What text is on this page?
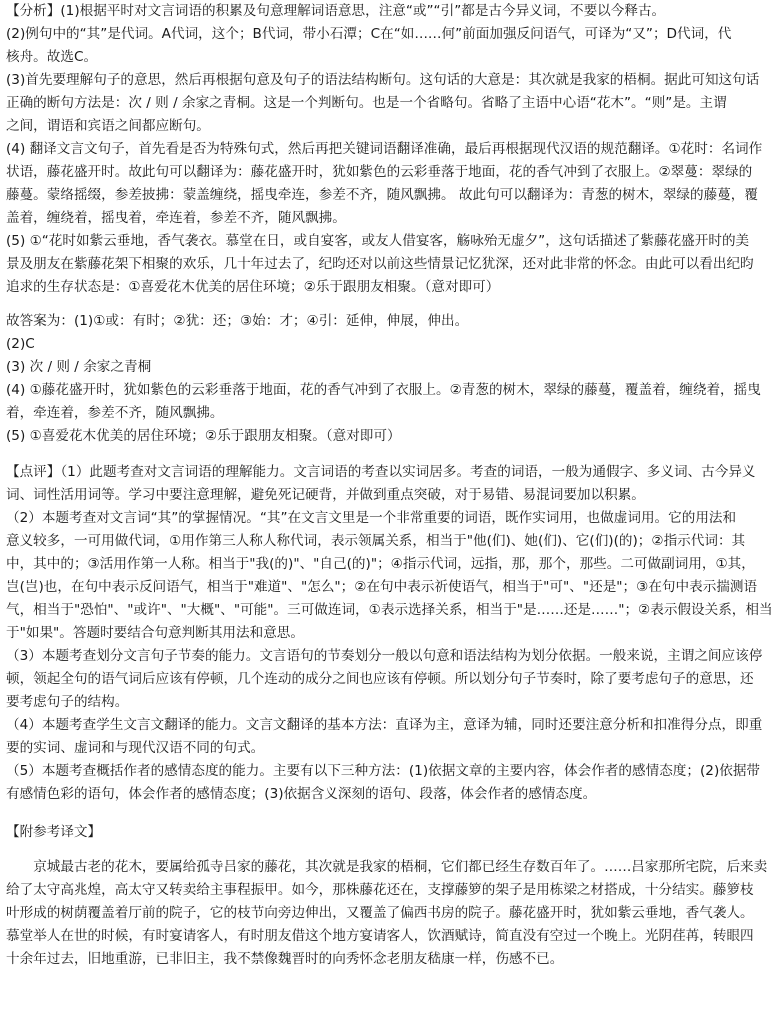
【分析】(1)根据平时对文言词语的积累及句意理解词语意思，注意“或”“引”都是古今异义词，不要以今释古。

(2)例句中的“其”是代词。A代词，这个；B代词，带小石潭；C在“如……何”前面加强反问语气，可译为“又”；D代词，代

核舟。故选C。

(3)首先要理解句子的意思，然后再根据句意及句子的语法结构断句。这句话的大意是：其次就是我家的梧桐。据此可知这句话

正确的断句方法是：次 / 则 / 余家之青桐。这是一个判断句。也是一个省略句。省略了主语中心语“花木”。“则”是。主谓

之间，谓语和宾语之间都应断句。

(4) 翻译文言文句子，首先看是否为特殊句式，然后再把关键词语翻译准确，最后再根据现代汉语的规范翻译。①花时：名词作

状语，藤花盛开时。故此句可以翻译为：藤花盛开时，犹如紫色的云彩垂落于地面，花的香气冲到了衣服上。②翠蔓：翠绿的

藤蔓。蒙络摇缀，参差披拂：蒙盖缠绕，摇曳牵连，参差不齐，随风飘拂。 故此句可以翻译为：青葱的树木，翠绿的藤蔓，覆

盖着，缠绕着，摇曳着，牵连着，参差不齐，随风飘拂。

(5) ①“花时如紫云垂地，香气袭衣。慕堂在日，或自宴客，或友人借宴客，觞咏殆无虚夕”，这句话描述了紫藤花盛开时的美

景及朋友在紫藤花架下相聚的欢乐，几十年过去了，纪昀还对以前这些情景记忆犹深，还对此非常的怀念。由此可以看出纪昀

追求的生存状态是：①喜爱花木优美的居住环境；②乐于跟朋友相聚。（意对即可）

故答案为：(1)①或：有时；②犹：还；③始：才；④引：延伸，伸展，伸出。

(2)C

(3) 次 / 则 / 余家之青桐

(4) ①藤花盛开时，犹如紫色的云彩垂落于地面，花的香气冲到了衣服上。②青葱的树木，翠绿的藤蔓，覆盖着，缠绕着，摇曳

着，牵连着，参差不齐，随风飘拂。

(5) ①喜爱花木优美的居住环境；②乐于跟朋友相聚。（意对即可）

【点评】（1）此题考查对文言词语的理解能力。文言词语的考查以实词居多。考查的词语，一般为通假字、多义词、古今异义

词、词性活用词等。学习中要注意理解，避免死记硬背，并做到重点突破，对于易错、易混词要加以积累。

（2）本题考查对文言词“其”的掌握情况。“其”在文言文里是一个非常重要的词语，既作实词用，也做虚词用。它的用法和

意义较多，一可用做代词，①用作第三人称人称代词，表示领属关系，相当于"他(们)、她(们)、它(们)(的)；②指示代词：其

中，其中的；③活用作第一人称。相当于"我(的)"、"自己(的)"；④指示代词，远指，那，那个，那些。二可做副词用，①其，

岂(岂)也，在句中表示反问语气，相当于"难道"、"怎么"；②在句中表示祈使语气，相当于"可"、"还是"；③在句中表示揣测语

气，相当于"恐怕"、"或许"、"大概"、"可能"。三可做连词，①表示选择关系，相当于"是……还是……"；②表示假设关系，相当

于"如果"。答题时要结合句意判断其用法和意思。

（3）本题考查划分文言句子节奏的能力。文言语句的节奏划分一般以句意和语法结构为划分依据。一般来说，主谓之间应该停

顿，领起全句的语气词后应该有停顿，几个连动的成分之间也应该有停顿。所以划分句子节奏时，除了要考虑句子的意思，还

要考虑句子的结构。

（4）本题考查学生文言文翻译的能力。文言文翻译的基本方法：直译为主，意译为辅，同时还要注意分析和扣准得分点，即重

要的实词、虚词和与现代汉语不同的句式。

（5）本题考查概括作者的感情态度的能力。主要有以下三种方法：(1)依据文章的主要内容，体会作者的感情态度；(2)依据带

有感情色彩的语句，体会作者的感情态度；(3)依据含义深刻的语句、段落，体会作者的感情态度。

【附参考译文】

京城最古老的花木，要属给孤寺吕家的藤花，其次就是我家的梧桐，它们都已经生存数百年了。……吕家那所宅院，后来卖

给了太守高兆煌，高太守又转卖给主事程振甲。如今，那株藤花还在，支撑藤箩的架子是用栋梁之材搭成，十分结实。藤箩枝

叶形成的树荫覆盖着厅前的院子，它的枝节向旁边伸出，又覆盖了偏西书房的院子。藤花盛开时，犹如紫云垂地，香气袭人。

慕堂举人在世的时候，有时宴请客人，有时朋友借这个地方宴请客人，饮酒赋诗，简直没有空过一个晚上。光阴荏苒，转眼四

十余年过去，旧地重游，已非旧主，我不禁像魏晋时的向秀怀念老朋友嵇康一样，伤感不已。
